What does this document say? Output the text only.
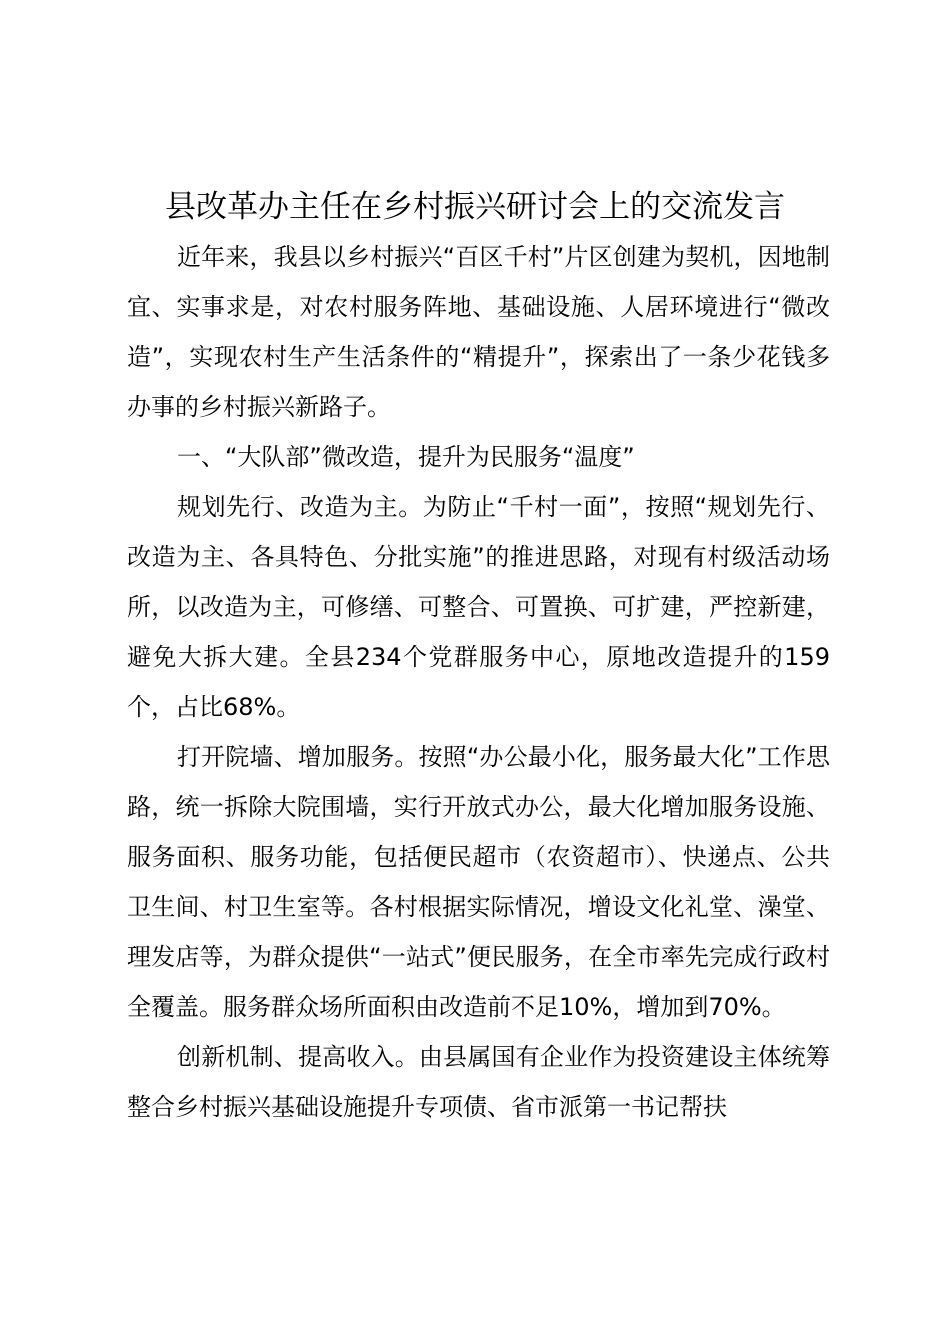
县改革办主任在乡村振兴研讨会上的交流发言

近年来，我县以乡村振兴“百区千村”片区创建为契机，因地制宜、实事求是，对农村服务阵地、基础设施、人居环境进行“微改造”，实现农村生产生活条件的“精提升”，探索出了一条少花钱多办事的乡村振兴新路子。

一、“大队部”微改造，提升为民服务“温度”

规划先行、改造为主。为防止“千村一面”，按照“规划先行、改造为主、各具特色、分批实施”的推进思路，对现有村级活动场所，以改造为主，可修缮、可整合、可置换、可扩建，严控新建，避免大拆大建。全县234个党群服务中心，原地改造提升的159个，占比68%。

打开院墙、增加服务。按照“办公最小化，服务最大化”工作思路，统一拆除大院围墙，实行开放式办公，最大化增加服务设施、服务面积、服务功能，包括便民超市（农资超市）、快递点、公共卫生间、村卫生室等。各村根据实际情况，增设文化礼堂、澡堂、理发店等，为群众提供“一站式”便民服务，在全市率先完成行政村全覆盖。服务群众场所面积由改造前不足10%，增加到70%。

创新机制、提高收入。由县属国有企业作为投资建设主体统筹整合乡村振兴基础设施提升专项债、省市派第一书记帮扶
